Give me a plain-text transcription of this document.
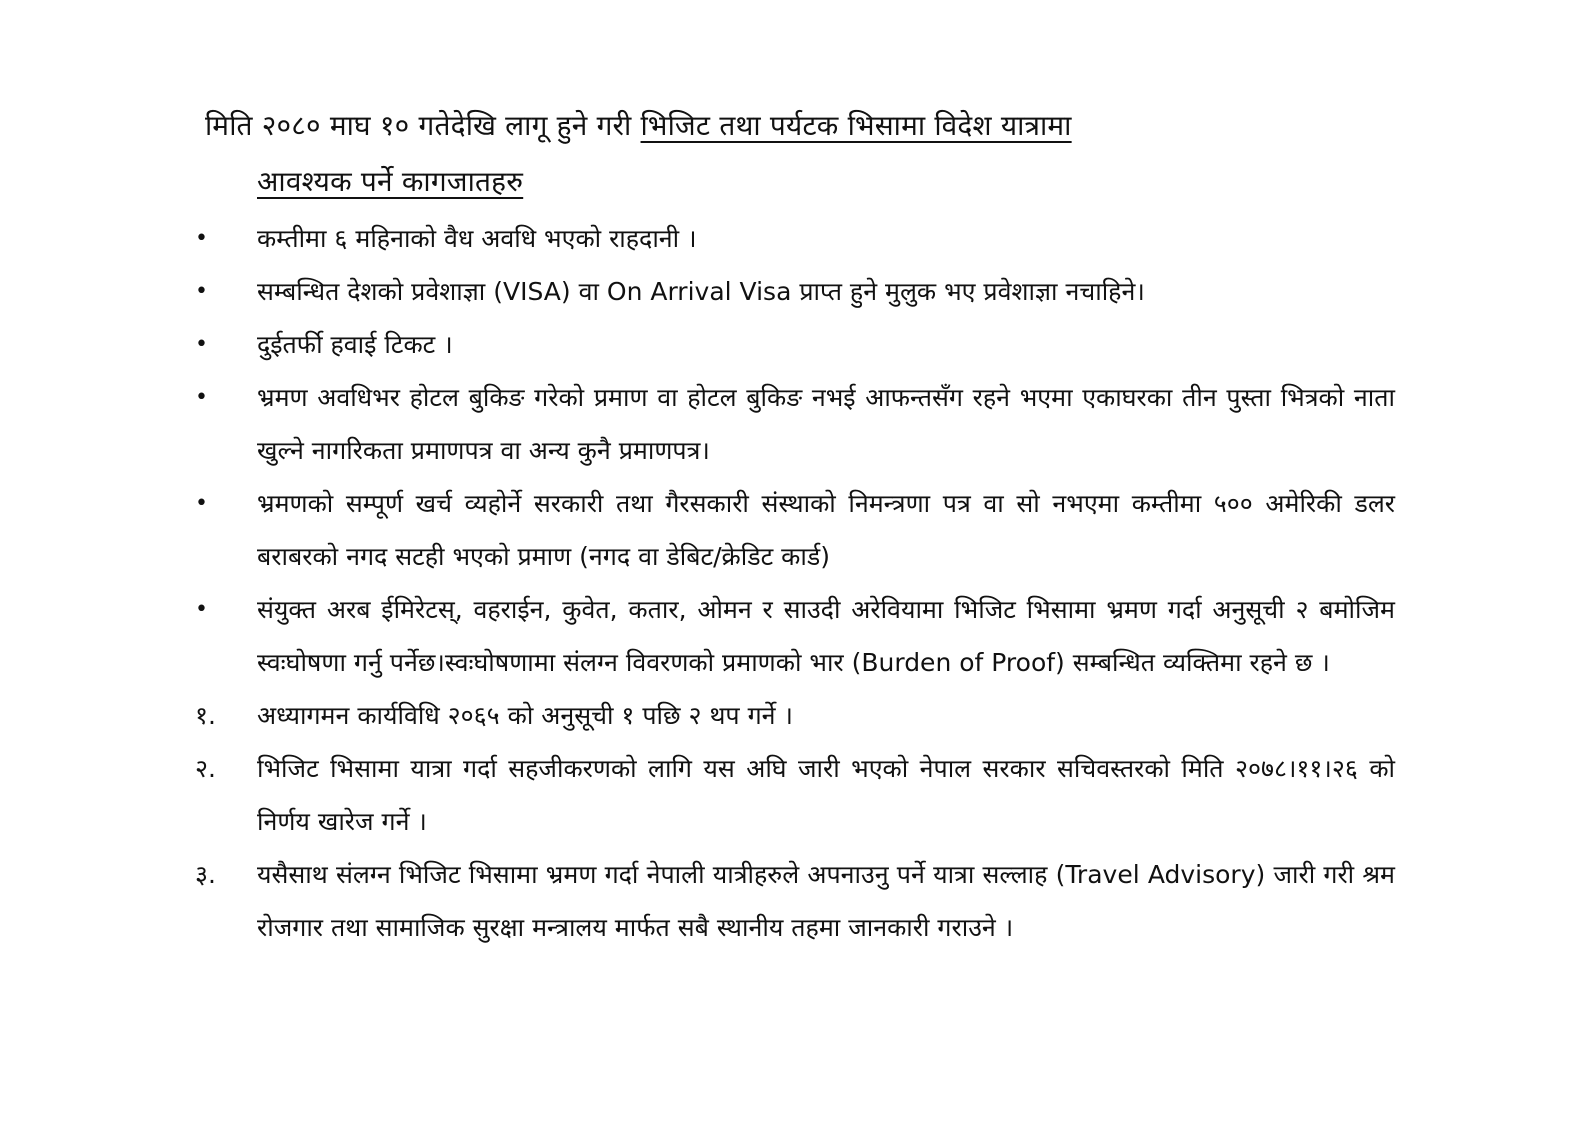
मिति २०८० माघ १० गतेदेखि लागू हुने गरी भिजिट तथा पर्यटक भिसामा विदेश यात्रामा
आवश्यक पर्ने कागजातहरु
•	कम्तीमा ६ महिनाको वैध अवधि भएको राहदानी ।
•	सम्बन्धित देशको प्रवेशाज्ञा (VISA) वा On Arrival Visa प्राप्त हुने मुलुक भए प्रवेशाज्ञा नचाहिने।
•	दुईतर्फी हवाई टिकट ।
•	भ्रमण अवधिभर होटल बुकिङ गरेको प्रमाण वा होटल बुकिङ नभई आफन्तसँग रहने भएमा एकाघरका तीन पुस्ता भित्रको नाता खुल्ने नागरिकता प्रमाणपत्र वा अन्य कुनै प्रमाणपत्र।
•	भ्रमणको सम्पूर्ण खर्च व्यहोर्ने सरकारी तथा गैरसकारी संस्थाको निमन्त्रणा पत्र वा सो नभएमा कम्तीमा ५०० अमेरिकी डलर बराबरको नगद सटही भएको प्रमाण (नगद वा डेबिट/क्रेडिट कार्ड)
•	संयुक्त अरब ईमिरेटस्, वहराईन, कुवेत, कतार, ओमन र साउदी अरेवियामा भिजिट भिसामा भ्रमण गर्दा अनुसूची २ बमोजिम स्वःघोषणा गर्नु पर्नेछ।स्वःघोषणामा संलग्न विवरणको प्रमाणको भार (Burden of Proof) सम्बन्धित व्यक्तिमा रहने छ ।
१.	अध्यागमन कार्यविधि २०६५ को अनुसूची १ पछि २ थप गर्ने ।
२.	भिजिट भिसामा यात्रा गर्दा सहजीकरणको लागि यस अघि जारी भएको नेपाल सरकार सचिवस्तरको मिति २०७८।११।२६ को निर्णय खारेज गर्ने ।
३.	यसैसाथ संलग्न भिजिट भिसामा भ्रमण गर्दा नेपाली यात्रीहरुले अपनाउनु पर्ने यात्रा सल्लाह (Travel Advisory) जारी गरी श्रम रोजगार तथा सामाजिक सुरक्षा मन्त्रालय मार्फत सबै स्थानीय तहमा जानकारी गराउने ।
